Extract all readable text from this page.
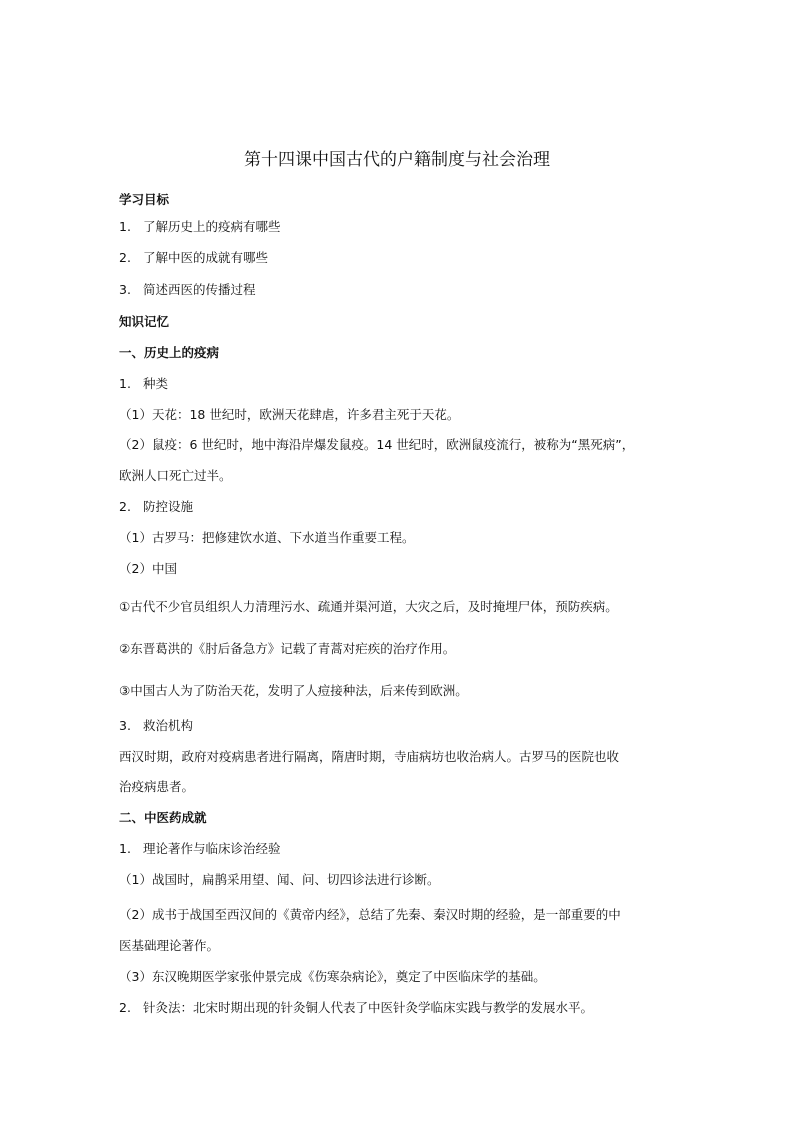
第十四课中国古代的户籍制度与社会治理
学习目标
1. 了解历史上的疫病有哪些
2. 了解中医的成就有哪些
3. 简述西医的传播过程
知识记忆
一、历史上的疫病
1. 种类
（1）天花：18 世纪时，欧洲天花肆虐，许多君主死于天花。
（2）鼠疫：6 世纪时，地中海沿岸爆发鼠疫。14 世纪时，欧洲鼠疫流行，被称为“黑死病”，
欧洲人口死亡过半。
2. 防控设施
（1）古罗马：把修建饮水道、下水道当作重要工程。
（2）中国
①古代不少官员组织人力清理污水、疏通并渠河道，大灾之后，及时掩埋尸体，预防疾病。
②东晋葛洪的《肘后备急方》记载了青蒿对疟疾的治疗作用。
③中国古人为了防治天花，发明了人痘接种法，后来传到欧洲。
3. 救治机构
西汉时期，政府对疫病患者进行隔离，隋唐时期，寺庙病坊也收治病人。古罗马的医院也收
治疫病患者。
二、中医药成就
1. 理论著作与临床诊治经验
（1）战国时，扁鹊采用望、闻、问、切四诊法进行诊断。
（2）成书于战国至西汉间的《黄帝内经》，总结了先秦、秦汉时期的经验，是一部重要的中
医基础理论著作。
（3）东汉晚期医学家张仲景完成《伤寒杂病论》，奠定了中医临床学的基础。
2. 针灸法：北宋时期出现的针灸铜人代表了中医针灸学临床实践与教学的发展水平。
